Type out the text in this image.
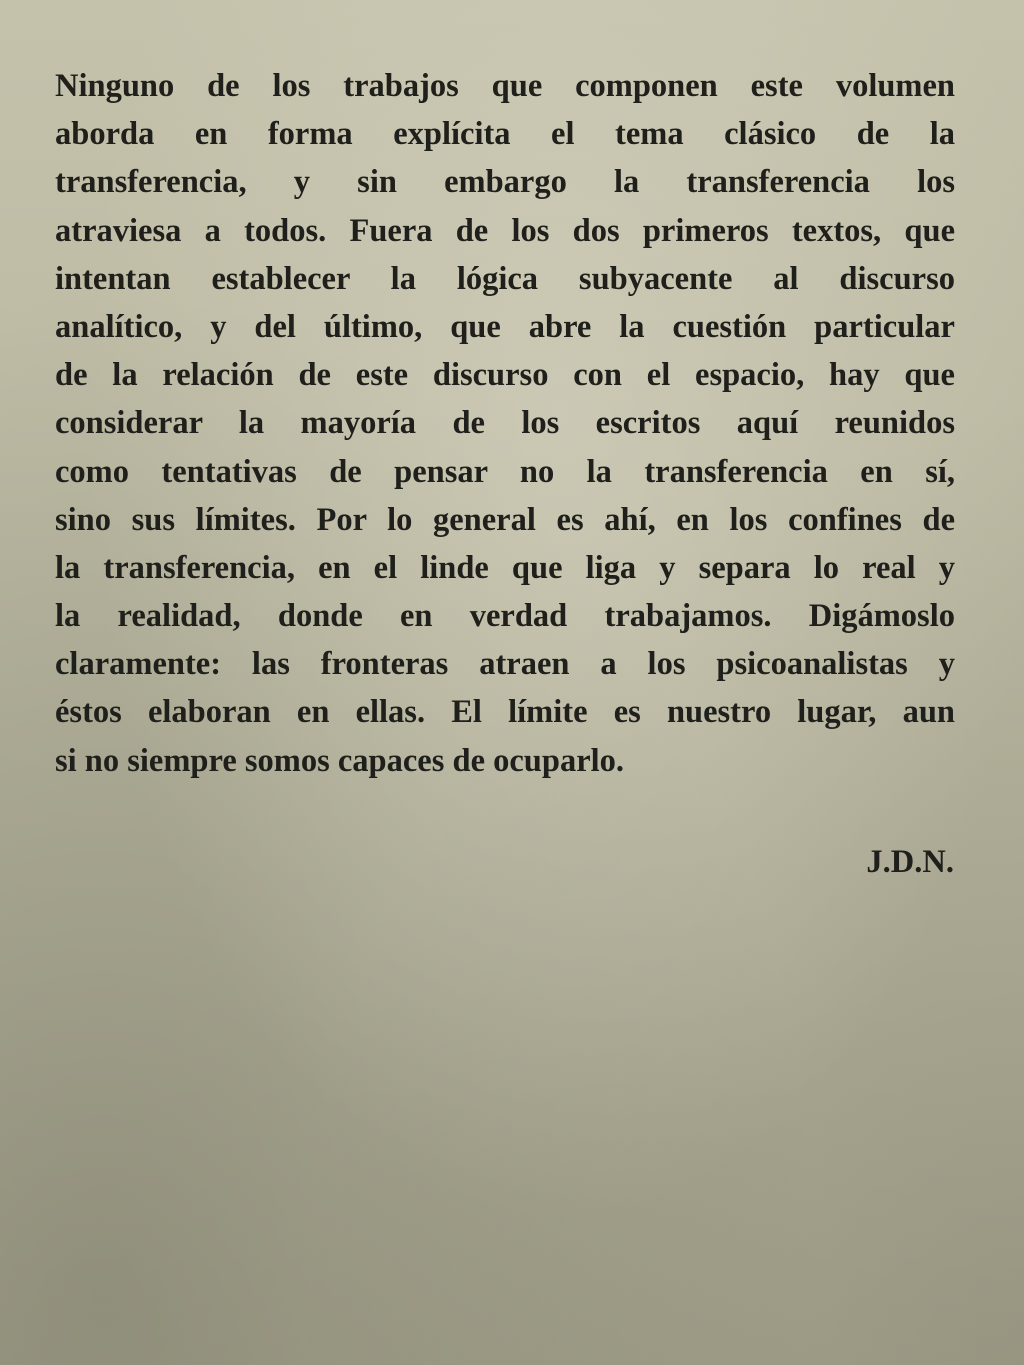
Ninguno de los trabajos que componen este volumen
aborda en forma explícita el tema clásico de la
transferencia, y sin embargo la transferencia los
atraviesa a todos. Fuera de los dos primeros textos, que
intentan establecer la lógica subyacente al discurso
analítico, y del último, que abre la cuestión particular
de la relación de este discurso con el espacio, hay que
considerar la mayoría de los escritos aquí reunidos
como tentativas de pensar no la transferencia en sí,
sino sus límites. Por lo general es ahí, en los confines de
la transferencia, en el linde que liga y separa lo real y
la realidad, donde en verdad trabajamos. Digámoslo
claramente: las fronteras atraen a los psicoanalistas y
éstos elaboran en ellas. El límite es nuestro lugar, aun
si no siempre somos capaces de ocuparlo.
J.D.N.
